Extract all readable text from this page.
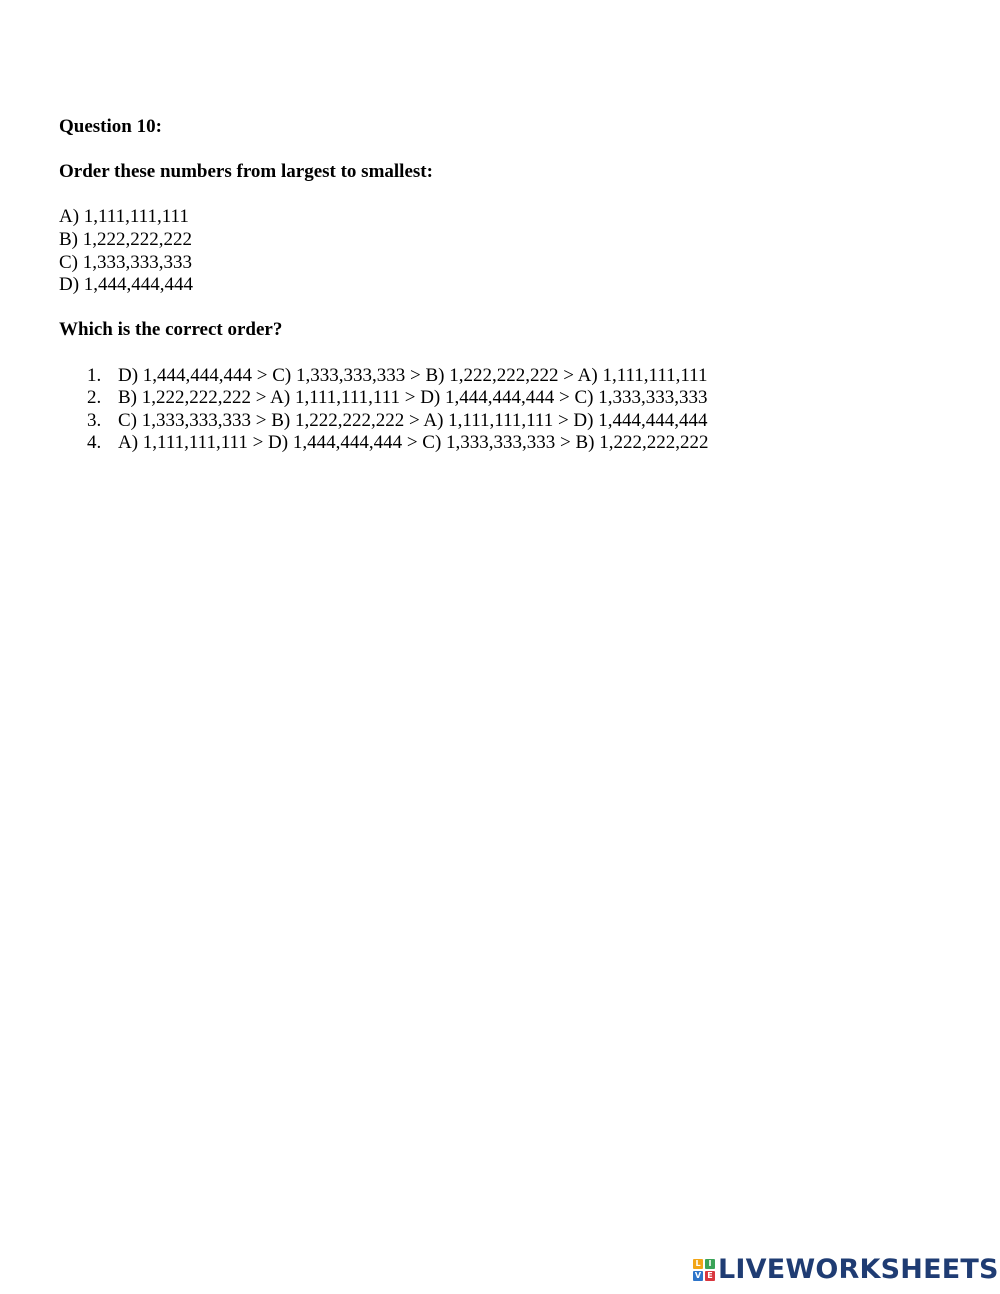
Question 10:

Order these numbers from largest to smallest:

A) 1,111,111,111
B) 1,222,222,222
C) 1,333,333,333
D) 1,444,444,444

Which is the correct order?

1. D) 1,444,444,444 > C) 1,333,333,333 > B) 1,222,222,222 > A) 1,111,111,111
2. B) 1,222,222,222 > A) 1,111,111,111 > D) 1,444,444,444 > C) 1,333,333,333
3. C) 1,333,333,333 > B) 1,222,222,222 > A) 1,111,111,111 > D) 1,444,444,444
4. A) 1,111,111,111 > D) 1,444,444,444 > C) 1,333,333,333 > B) 1,222,222,222
L I
V E LIVEWORKSHEETS
